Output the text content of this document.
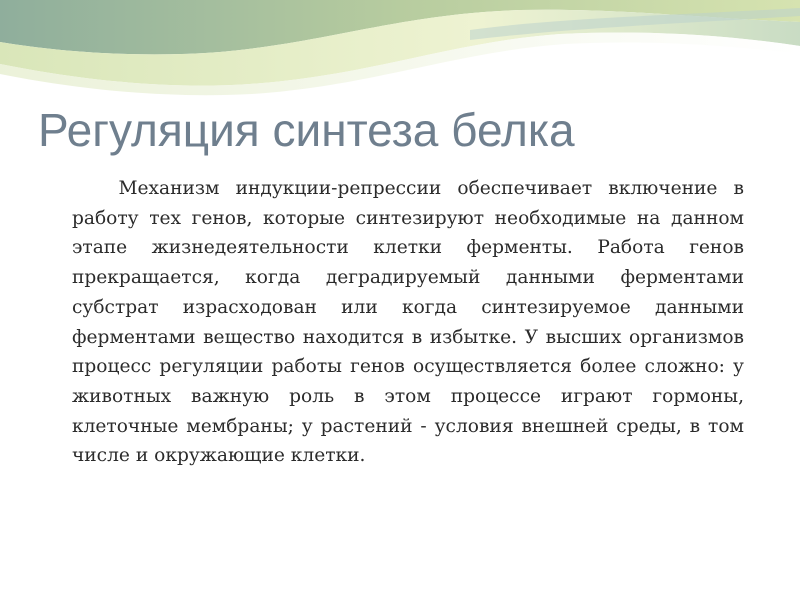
Регуляция синтеза белка

Механизм индукции-репрессии обеспечивает включение в работу тех генов, которые синтезируют необходимые на данном этапе жизнедеятельности клетки ферменты. Работа генов прекращается, когда деградируемый данными ферментами субстрат израсходован или когда синтезируемое данными ферментами вещество находится в избытке. У высших организмов процесс регуляции работы генов осуществляется более сложно: у животных важную роль в этом процессе играют гормоны, клеточные мембраны; у растений - условия внешней среды, в том числе и окружающие клетки.
